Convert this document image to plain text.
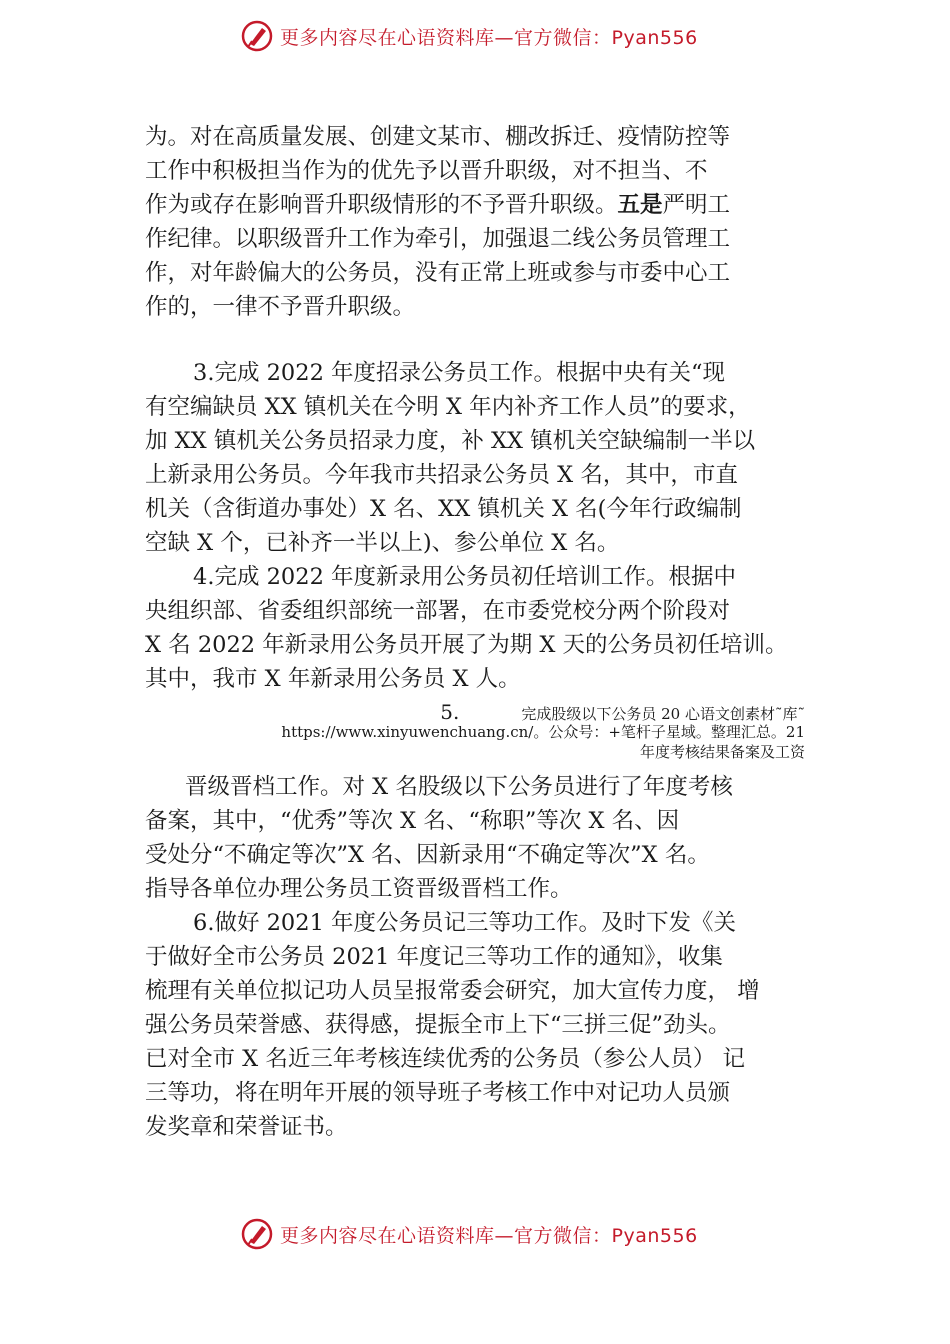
更多内容尽在心语资料库—官方微信：Pyan556
为。对在高质量发展、创建文某市、棚改拆迁、疫情防控等
工作中积极担当作为的优先予以晋升职级，对不担当、不
作为或存在影响晋升职级情形的不予晋升职级。五是严明工
作纪律。以职级晋升工作为牵引，加强退二线公务员管理工
作，对年龄偏大的公务员，没有正常上班或参与市委中心工
作的，一律不予晋升职级。
3.完成 2022 年度招录公务员工作。根据中央有关“现
有空编缺员 XX 镇机关在今明 X 年内补齐工作人员”的要求，
加 XX 镇机关公务员招录力度，补 XX 镇机关空缺编制一半以
上新录用公务员。今年我市共招录公务员 X 名，其中，市直
机关（含街道办事处）X 名、XX 镇机关 X 名(今年行政编制
空缺 X 个，已补齐一半以上)、参公单位 X 名。
4.完成 2022 年度新录用公务员初任培训工作。根据中
央组织部、省委组织部统一部署，在市委党校分两个阶段对
X 名 2022 年新录用公务员开展了为期 X 天的公务员初任培训。
其中，我市 X 年新录用公务员 X 人。
5.	完成股级以下公务员 20 心语文创素材˜库˜
https://www.xinyuwenchuang.cn/。公众号：+笔杆子星域。整理汇总。21
年度考核结果备案及工资
晋级晋档工作。对 X 名股级以下公务员进行了年度考核
备案，其中，“优秀”等次 X 名、“称职”等次 X 名、因
受处分“不确定等次”X 名、因新录用“不确定等次”X 名。
指导各单位办理公务员工资晋级晋档工作。
6.做好 2021 年度公务员记三等功工作。及时下发《关
于做好全市公务员 2021 年度记三等功工作的通知》，收集
梳理有关单位拟记功人员呈报常委会研究，加大宣传力度， 增
强公务员荣誉感、获得感，提振全市上下“三拼三促”劲头。
已对全市 X 名近三年考核连续优秀的公务员（参公人员） 记
三等功，将在明年开展的领导班子考核工作中对记功人员颁
发奖章和荣誉证书。
更多内容尽在心语资料库—官方微信：Pyan556
